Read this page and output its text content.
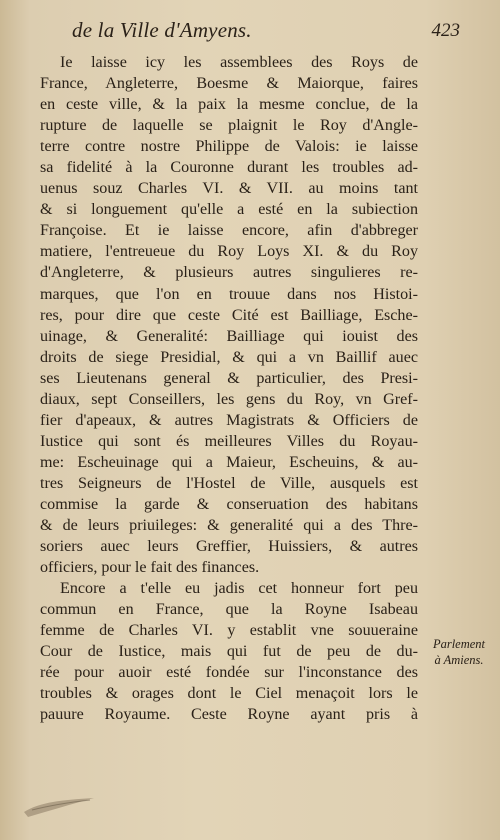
de la Ville d'Amyens.	423
Ie laisse icy les assemblees des Roys de
France, Angleterre, Boesme & Maiorque, faires
en ceste ville, & la paix la mesme conclue, de la
rupture de laquelle se plaignit le Roy d'Angle-
terre contre nostre Philippe de Valois: ie laisse
sa fidelité à la Couronne durant les troubles ad-
uenus souz Charles VI. & VII. au moins tant
& si longuement qu'elle a esté en la subiection
Françoise. Et ie laisse encore, afin d'abbreger
matiere, l'entreueue du Roy Loys XI. & du Roy
d'Angleterre, & plusieurs autres singulieres re-
marques, que l'on en trouue dans nos Histoi-
res, pour dire que ceste Cité est Bailliage, Esche-
uinage, & Generalité: Bailliage qui iouist des
droits de siege Presidial, & qui a vn Baillif auec
ses Lieutenans general & particulier, des Presi-
diaux, sept Conseillers, les gens du Roy, vn Gref-
fier d'apeaux, & autres Magistrats & Officiers de
Iustice qui sont és meilleures Villes du Royau-
me: Escheuinage qui a Maieur, Escheuins, & au-
tres Seigneurs de l'Hostel de Ville, ausquels est
commise la garde & conseruation des habitans
& de leurs priuileges: & generalité qui a des Thre-
soriers auec leurs Greffier, Huissiers, & autres
officiers, pour le fait des finances.
Encore a t'elle eu jadis cet honneur fort peu
commun en France, que la Royne Isabeau
femme de Charles VI. y establit vne souueraine
Cour de Iustice, mais qui fut de peu de du-
rée pour auoir esté fondée sur l'inconstance des
troubles & orages dont le Ciel menaçoit lors le
pauure Royaume. Ceste Royne ayant pris à
Parlement
à Amiens.
